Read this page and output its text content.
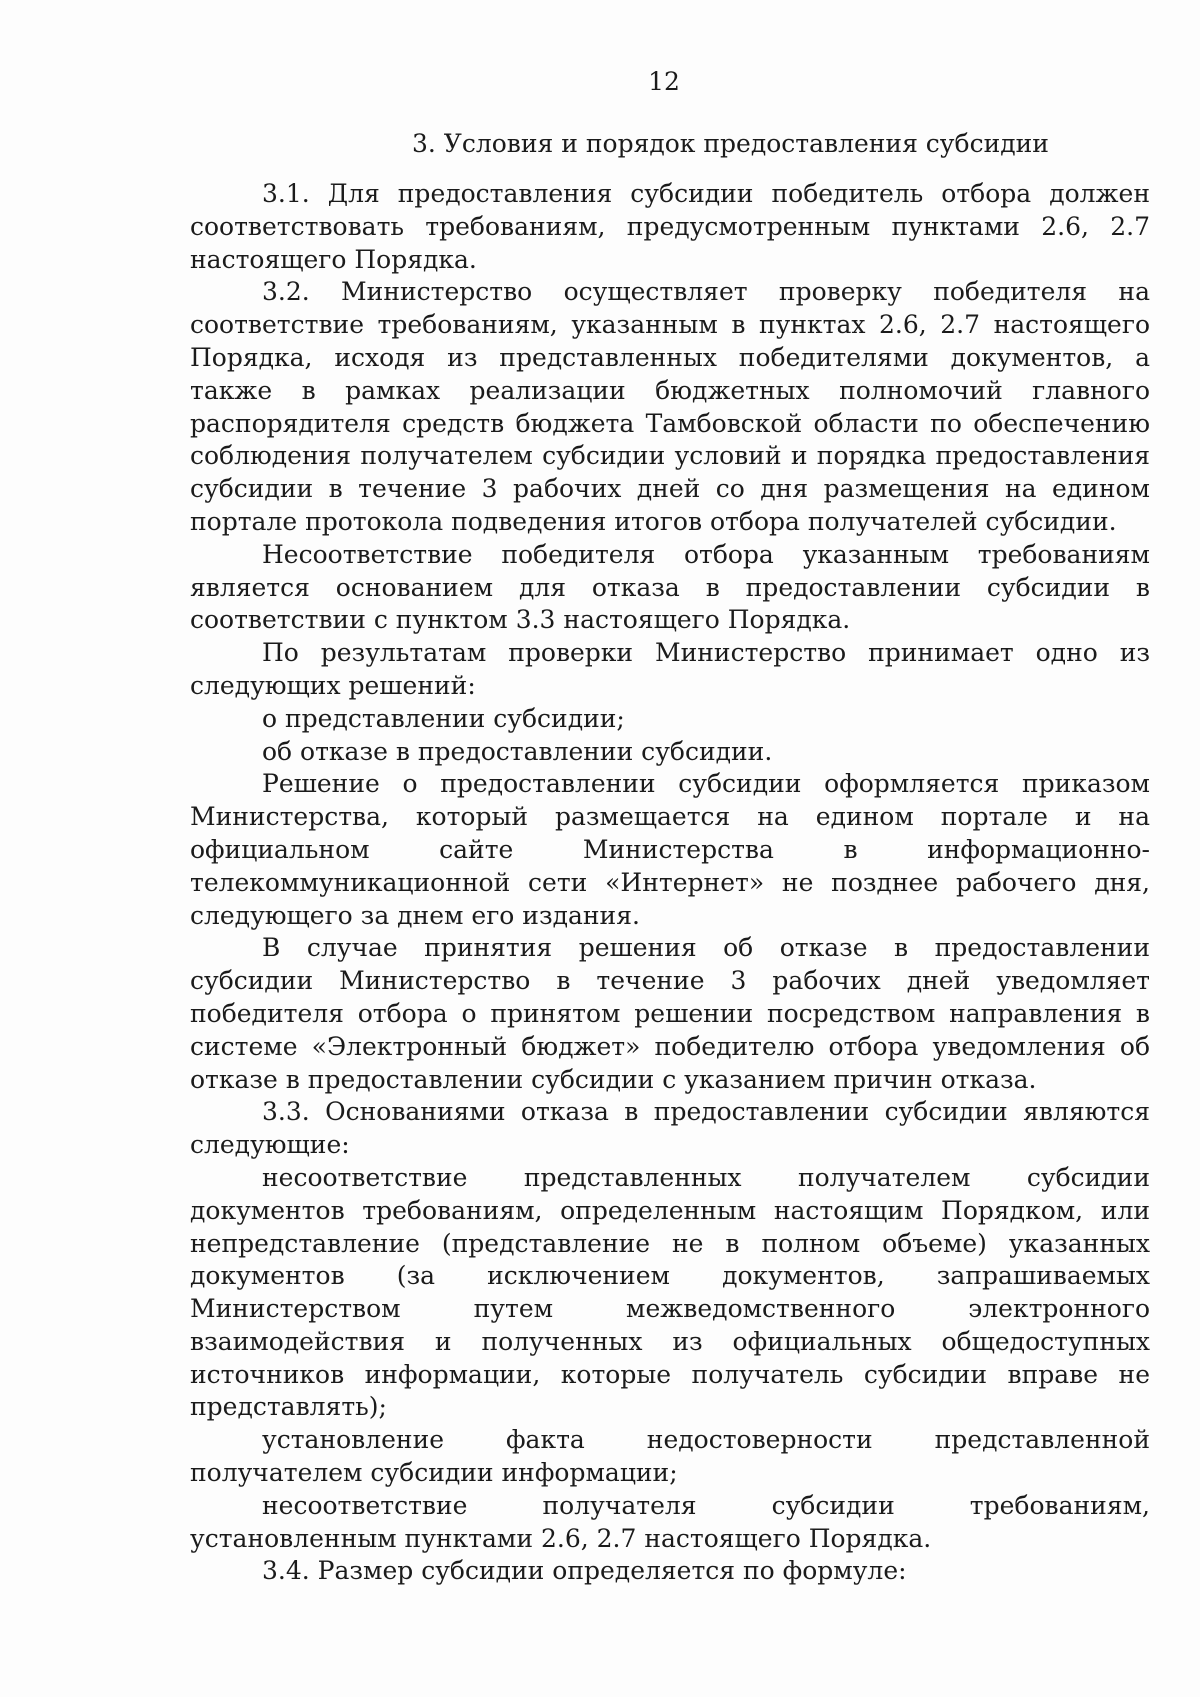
12
3. Условия и порядок предоставления субсидии

3.1. Для предоставления субсидии победитель отбора должен соответствовать требованиям, предусмотренным пунктами 2.6, 2.7 настоящего Порядка.

3.2. Министерство осуществляет проверку победителя на соответствие требованиям, указанным в пунктах 2.6, 2.7 настоящего Порядка, исходя из представленных победителями документов, а также в рамках реализации бюджетных полномочий главного распорядителя средств бюджета Тамбовской области по обеспечению соблюдения получателем субсидии условий и порядка предоставления субсидии в течение 3 рабочих дней со дня размещения на едином портале протокола подведения итогов отбора получателей субсидии.

Несоответствие победителя отбора указанным требованиям является основанием для отказа в предоставлении субсидии в соответствии с пунктом 3.3 настоящего Порядка.

По результатам проверки Министерство принимает одно из следующих решений:

о представлении субсидии;

об отказе в предоставлении субсидии.

Решение о предоставлении субсидии оформляется приказом Министерства, который размещается на едином портале и на официальном сайте Министерства в информационно-телекоммуникационной сети «Интернет» не позднее рабочего дня, следующего за днем его издания.

В случае принятия решения об отказе в предоставлении субсидии Министерство в течение 3 рабочих дней уведомляет победителя отбора о принятом решении посредством направления в системе «Электронный бюджет» победителю отбора уведомления об отказе в предоставлении субсидии с указанием причин отказа.

3.3. Основаниями отказа в предоставлении субсидии являются следующие:

несоответствие представленных получателем субсидии документов требованиям, определенным настоящим Порядком, или непредставление (представление не в полном объеме) указанных документов (за исключением документов, запрашиваемых Министерством путем межведомственного электронного взаимодействия и полученных из официальных общедоступных источников информации, которые получатель субсидии вправе не представлять);

установление факта недостоверности представленной получателем субсидии информации;

несоответствие получателя субсидии требованиям, установленным пунктами 2.6, 2.7 настоящего Порядка.

3.4. Размер субсидии определяется по формуле:
